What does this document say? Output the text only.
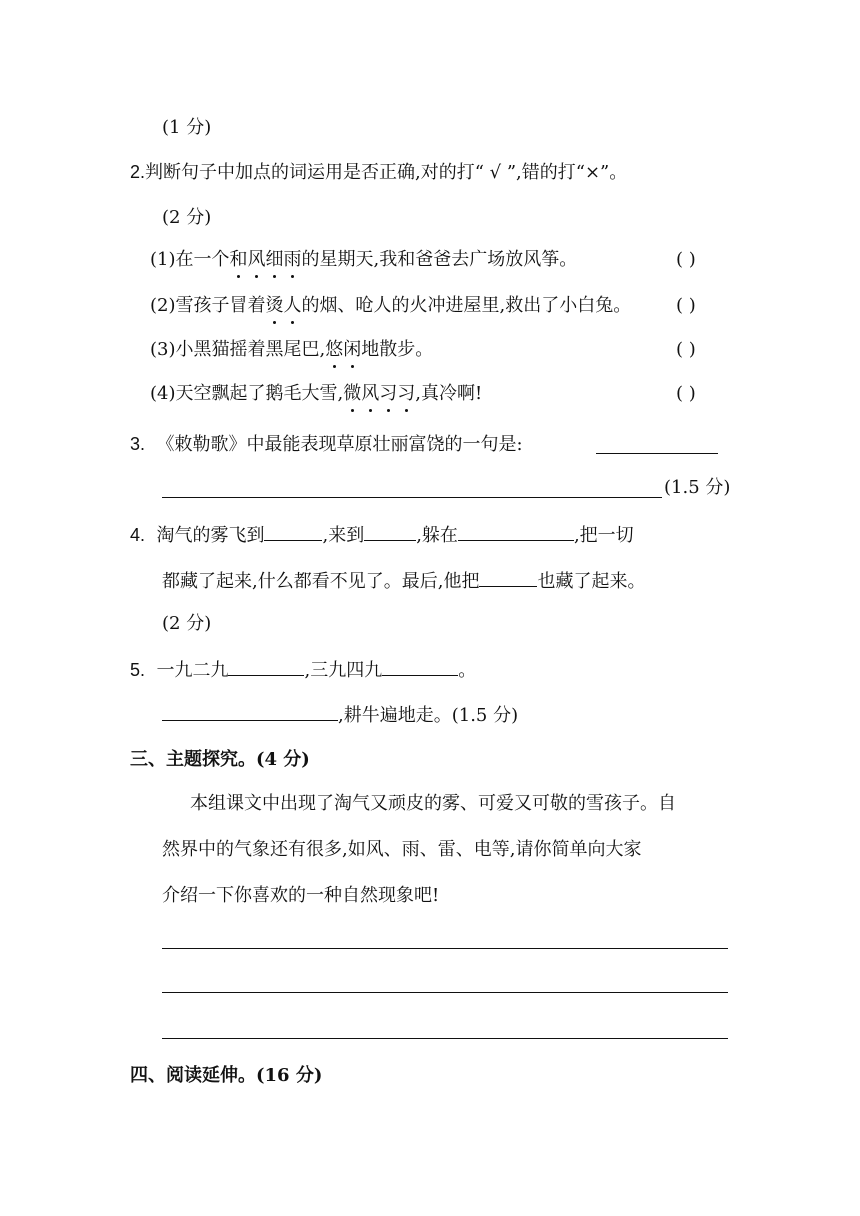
(1 分)
2.判断句子中加点的词运用是否正确,对的打“ √ ”,错的打“×”。
(2 分)
(1)在一个和风细雨的星期天,我和爸爸去广场放风筝。	( )
(2)雪孩子冒着烫人的烟、呛人的火冲进屋里,救出了小白兔。 ( )
(3)小黑猫摇着黑尾巴,悠闲地散步。	( )
(4)天空飘起了鹅毛大雪,微风习习,真冷啊!	( )
3. 《敕勒歌》中最能表现草原壮丽富饶的一句是:
(1.5 分)
4. 淘气的雾飞到	,来到	,躲在	,把一切
都藏了起来,什么都看不见了。最后,他把	也藏了起来。
(2 分)
5. 一九二九	,三九四九	。
,耕牛遍地走。(1.5 分)
三、主题探究。(4 分)
本组课文中出现了淘气又顽皮的雾、可爱又可敬的雪孩子。自
然界中的气象还有很多,如风、雨、雷、电等,请你简单向大家
介绍一下你喜欢的一种自然现象吧!
四、阅读延伸。(16 分)
